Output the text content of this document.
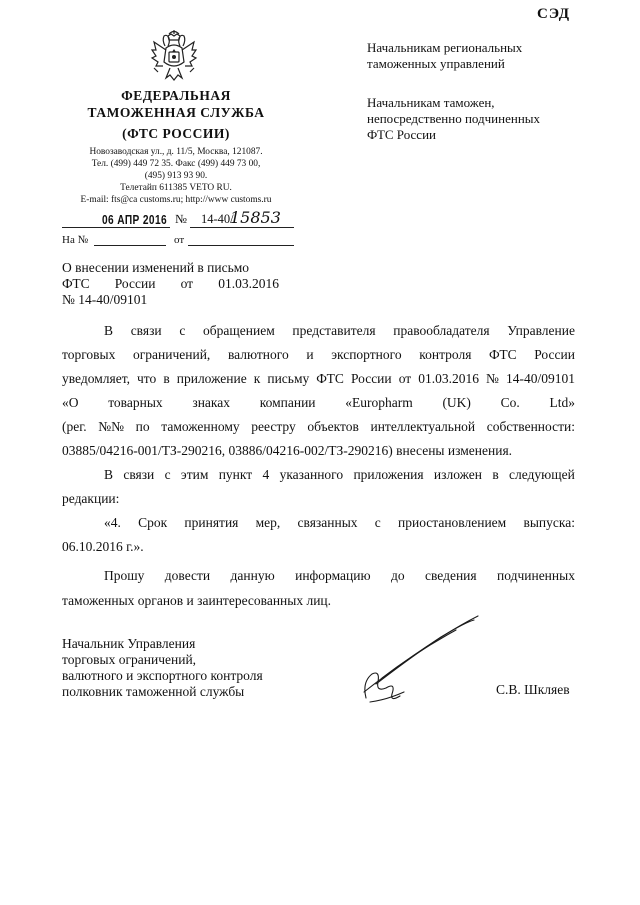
СЭД
ФЕДЕРАЛЬНАЯ
ТАМОЖЕННАЯ СЛУЖБА
(ФТС РОССИИ)
Новозаводская ул., д. 11/5, Москва, 121087.
Тел. (499) 449 72 35. Факс (499) 449 73 00,
(495) 913 93 90.
Телетайп 611385 VETO RU.
E-mail: fts@ca customs.ru; http://www customs.ru
06 АПР 2016 № 14-40/
15853
На №	от
Начальникам региональных
таможенных управлений
Начальникам таможен,
непосредственно подчиненных
ФТС России
О внесении изменений в письмо
ФТС России от 01.03.2016
№ 14-40/09101
В связи с обращением представителя правообладателя Управление
торговых ограничений, валютного и экспортного контроля ФТС России
уведомляет, что в приложение к письму ФТС России от 01.03.2016 № 14-40/09101
«О товарных знаках компании «Europharm (UK) Co. Ltd»
(рег. №№ по таможенному реестру объектов интеллектуальной собственности:
03885/04216-001/ТЗ-290216, 03886/04216-002/ТЗ-290216) внесены изменения.
В связи с этим пункт 4 указанного приложения изложен в следующей
редакции:
«4. Срок принятия мер, связанных с приостановлением выпуска:
06.10.2016 г.».
Прошу довести данную информацию до сведения подчиненных
таможенных органов и заинтересованных лиц.
Начальник Управления
торговых ограничений,
валютного и экспортного контроля
полковник таможенной службы	С.В. Шкляев
